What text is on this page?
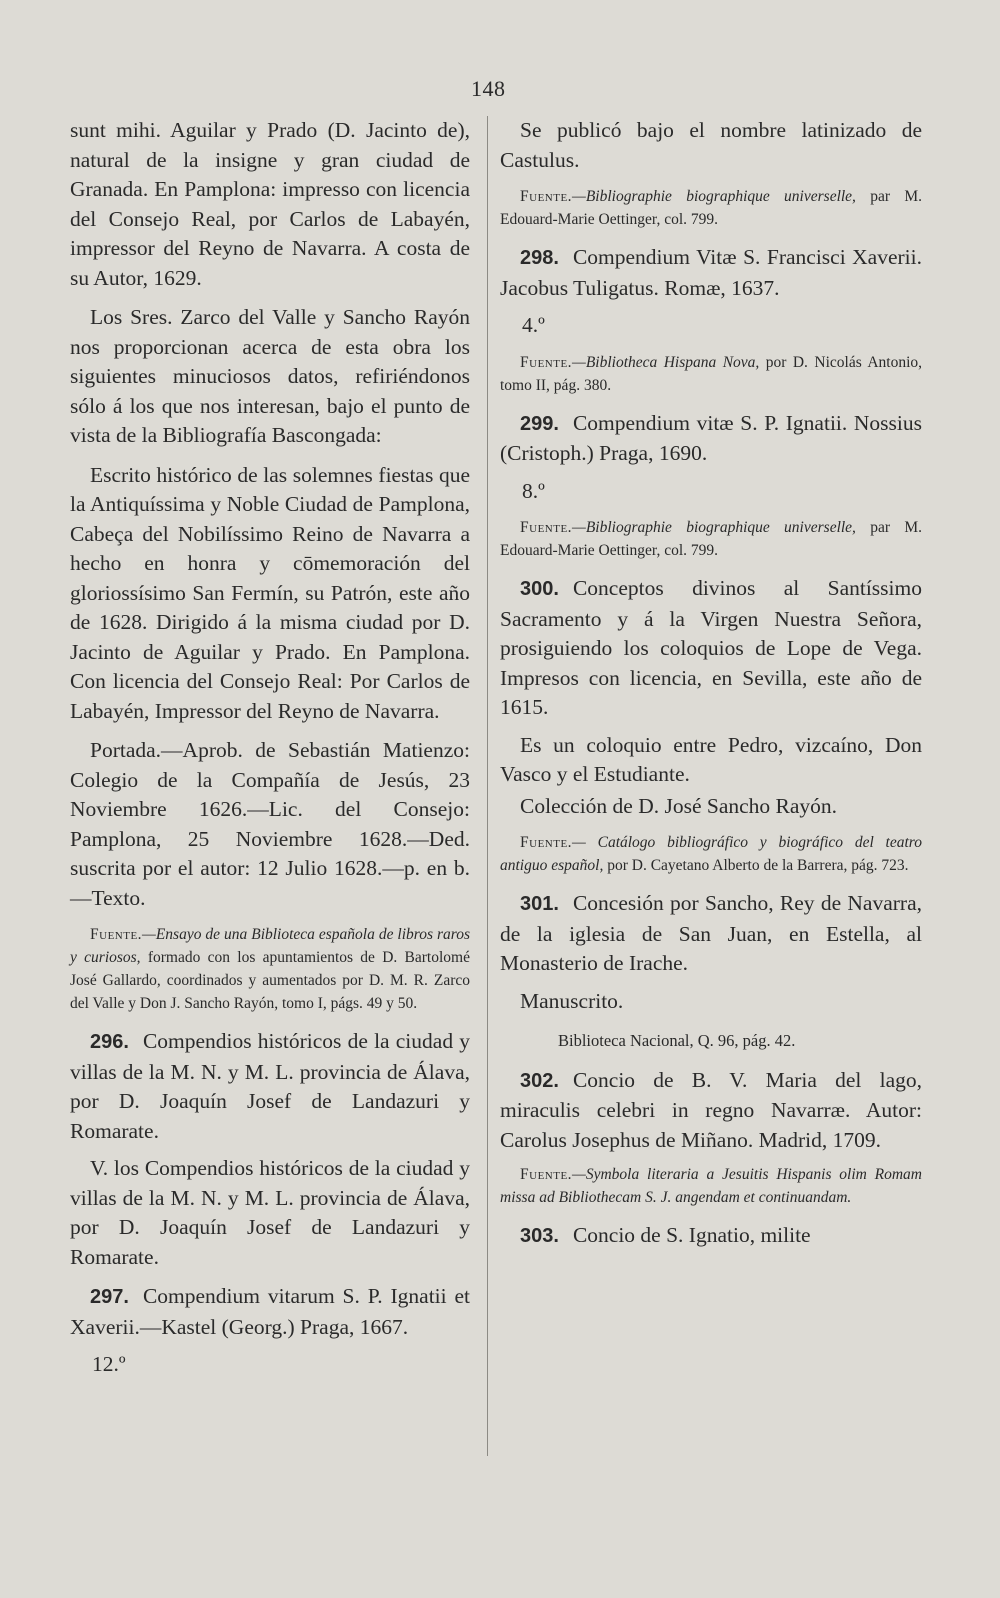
148

sunt mihi. Aguilar y Prado (D. Jacinto de), natural de la insigne y gran ciudad de Granada. En Pamplona: impresso con licencia del Consejo Real, por Carlos de Labayén, impressor del Reyno de Navarra. A costa de su Autor, 1629.

Los Sres. Zarco del Valle y Sancho Rayón nos proporcionan acerca de esta obra los siguientes minuciosos datos, refiriéndonos sólo á los que nos interesan, bajo el punto de vista de la Bibliografía Bascongada:

Escrito histórico de las solemnes fiestas que la Antiquíssima y Noble Ciudad de Pamplona, Cabeça del Nobilíssimo Reino de Navarra a hecho en honra y cōmemoración del gloriossísimo San Fermín, su Patrón, este año de 1628. Dirigido á la misma ciudad por D. Jacinto de Aguilar y Prado. En Pamplona. Con licencia del Consejo Real: Por Carlos de Labayén, Impressor del Reyno de Navarra.

Portada.—Aprob. de Sebastián Matienzo: Colegio de la Compañía de Jesús, 23 Noviembre 1626.—Lic. del Consejo: Pamplona, 25 Noviembre 1628.—Ded. suscrita por el autor: 12 Julio 1628.—p. en b.—Texto.

Fuente.—Ensayo de una Biblioteca española de libros raros y curiosos, formado con los apuntamientos de D. Bartolomé José Gallardo, coordinados y aumentados por D. M. R. Zarco del Valle y Don J. Sancho Rayón, tomo I, págs. 49 y 50.

296. Compendios históricos de la ciudad y villas de la M. N. y M. L. provincia de Álava, por D. Joaquín Josef de Landazuri y Romarate.

V. los Compendios históricos de la ciudad y villas de la M. N. y M. L. provincia de Álava, por D. Joaquín Josef de Landazuri y Romarate.

297. Compendium vitarum S. P. Ignatii et Xaverii.—Kastel (Georg.) Praga, 1667.

12.º

Se publicó bajo el nombre latinizado de Castulus.

Fuente.—Bibliographie biographique universelle, par M. Edouard-Marie Oettinger, col. 799.

298. Compendium Vitæ S. Francisci Xaverii. Jacobus Tuligatus. Romæ, 1637.

4.º

Fuente.—Bibliotheca Hispana Nova, por D. Nicolás Antonio, tomo II, pág. 380.

299. Compendium vitæ S. P. Ignatii. Nossius (Cristoph.) Praga, 1690.

8.º

Fuente.—Bibliographie biographique universelle, par M. Edouard-Marie Oettinger, col. 799.

300. Conceptos divinos al Santíssimo Sacramento y á la Virgen Nuestra Señora, prosiguiendo los coloquios de Lope de Vega. Impresos con licencia, en Sevilla, este año de 1615.

Es un coloquio entre Pedro, vizcaíno, Don Vasco y el Estudiante.

Colección de D. José Sancho Rayón.

Fuente.— Catálogo bibliográfico y biográfico del teatro antiguo español, por D. Cayetano Alberto de la Barrera, pág. 723.

301. Concesión por Sancho, Rey de Navarra, de la iglesia de San Juan, en Estella, al Monasterio de Irache.

Manuscrito.

Biblioteca Nacional, Q. 96, pág. 42.

302. Concio de B. V. Maria del lago, miraculis celebri in regno Navarræ. Autor: Carolus Josephus de Miñano. Madrid, 1709.

Fuente.—Symbola literaria a Jesuitis Hispanis olim Romam missa ad Bibliothecam S. J. angendam et continuandam.

303. Concio de S. Ignatio, milite
